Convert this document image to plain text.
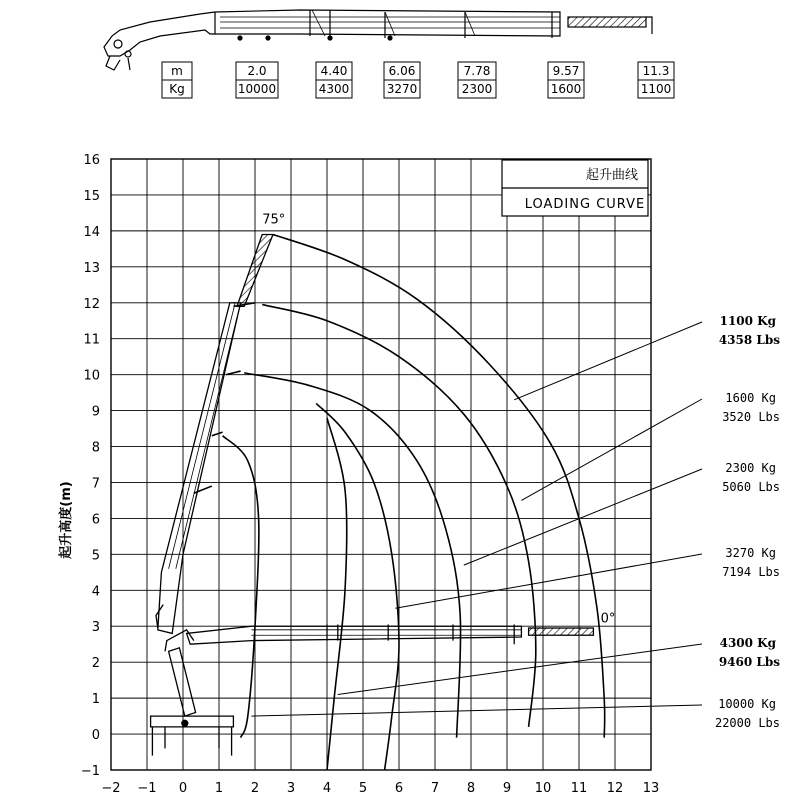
m
Kg
2.0
10000
4.40
4300
6.06
3270
7.78
2300
9.57
1600
11.3
1100
−2 −1 0 1 2 3 4 5 6 7 8 9 10 11 12 13
−1
0
1
2
3
4
5
6
7
8
9
10
11
12
13
14
15
16
起升曲线
LOADING CURVE
起升高度(m)
1100 Kg
4358 Lbs
1600 Kg
3520 Lbs
2300 Kg
5060 Lbs
3270 Kg
7194 Lbs
4300 Kg
9460 Lbs
10000 Kg
22000 Lbs
75°
0°
